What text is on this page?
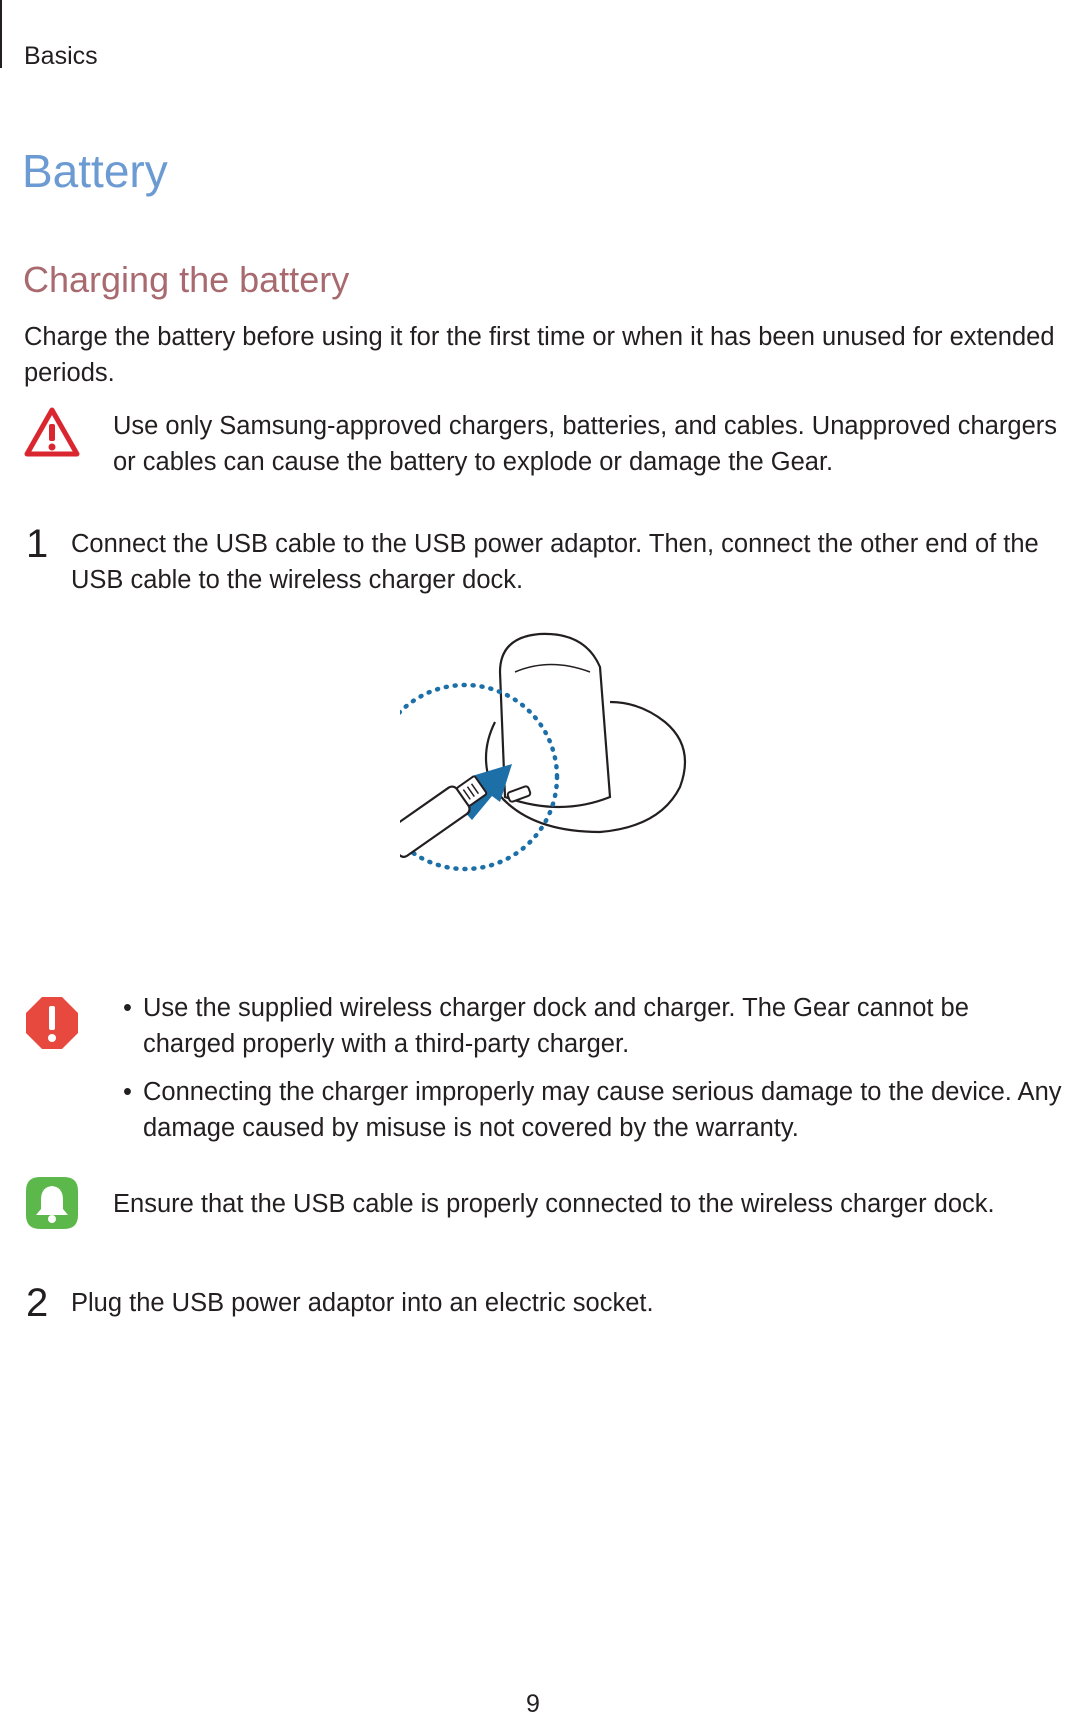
Basics
Battery
Charging the battery

Charge the battery before using it for the first time or when it has been unused for extended periods.

Use only Samsung-approved chargers, batteries, and cables. Unapproved chargers or cables can cause the battery to explode or damage the Gear.

1 Connect the USB cable to the USB power adaptor. Then, connect the other end of the USB cable to the wireless charger dock.

• Use the supplied wireless charger dock and charger. The Gear cannot be charged properly with a third-party charger.
• Connecting the charger improperly may cause serious damage to the device. Any damage caused by misuse is not covered by the warranty.

Ensure that the USB cable is properly connected to the wireless charger dock.

2 Plug the USB power adaptor into an electric socket.

9
